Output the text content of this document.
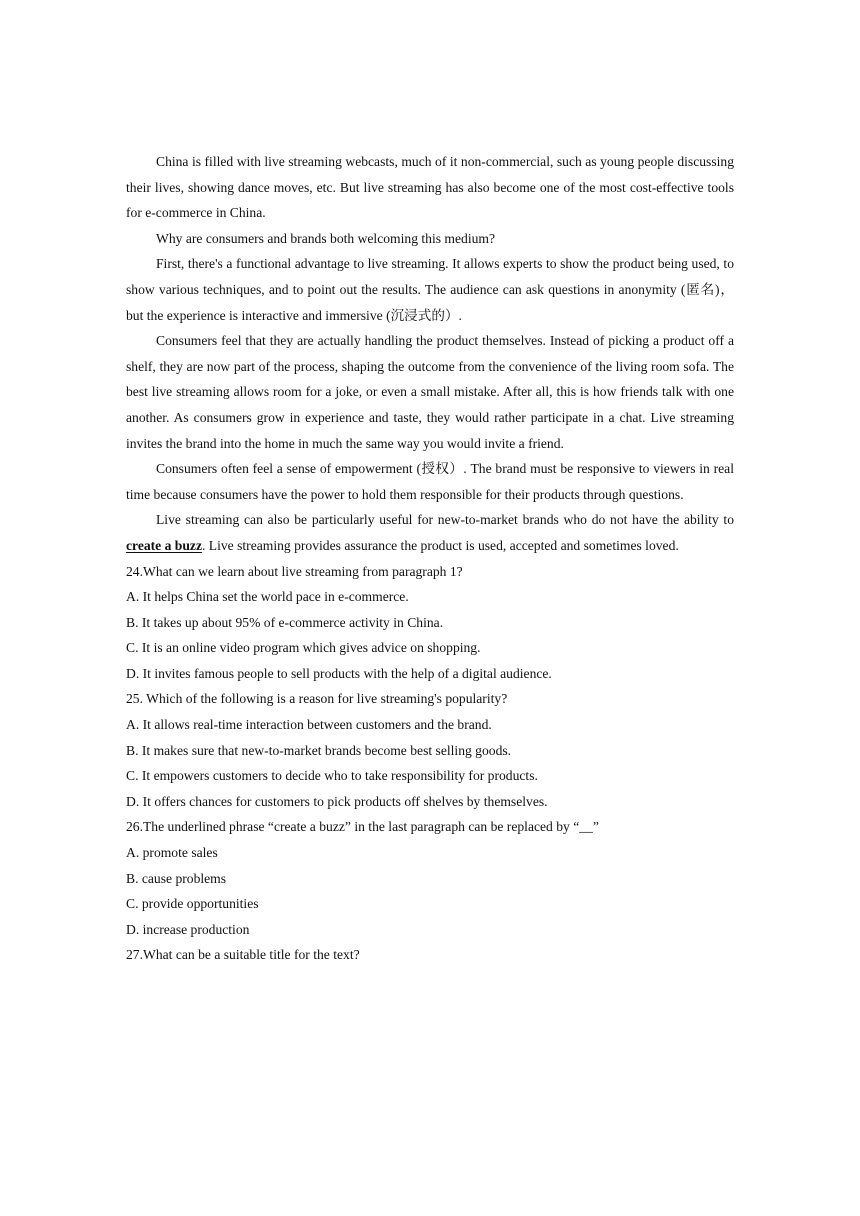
China is filled with live streaming webcasts, much of it non-commercial, such as young people discussing their lives, showing dance moves, etc. But live streaming has also become one of the most cost-effective tools for e-commerce in China.

Why are consumers and brands both welcoming this medium?

First, there's a functional advantage to live streaming. It allows experts to show the product being used, to show various techniques, and to point out the results. The audience can ask questions in anonymity (匿名)， but the experience is interactive and immersive (沉浸式的）.

Consumers feel that they are actually handling the product themselves. Instead of picking a product off a shelf, they are now part of the process, shaping the outcome from the convenience of the living room sofa. The best live streaming allows room for a joke, or even a small mistake. After all, this is how friends talk with one another. As consumers grow in experience and taste, they would rather participate in a chat. Live streaming invites the brand into the home in much the same way you would invite a friend.

Consumers often feel a sense of empowerment (授权）. The brand must be responsive to viewers in real time because consumers have the power to hold them responsible for their products through questions.

Live streaming can also be particularly useful for new-to-market brands who do not have the ability to create a buzz. Live streaming provides assurance the product is used, accepted and sometimes loved.

24.What can we learn about live streaming from paragraph 1?

A. It helps China set the world pace in e-commerce.

B. It takes up about 95% of e-commerce activity in China.

C. It is an online video program which gives advice on shopping.

D. It invites famous people to sell products with the help of a digital audience.

25. Which of the following is a reason for live streaming's popularity?

A. It allows real-time interaction between customers and the brand.

B. It makes sure that new-to-market brands become best selling goods.

C. It empowers customers to decide who to take responsibility for products.

D. It offers chances for customers to pick products off shelves by themselves.

26.The underlined phrase “create a buzz” in the last paragraph can be replaced by “__”

A. promote sales

B. cause problems

C. provide opportunities

D. increase production

27.What can be a suitable title for the text?
